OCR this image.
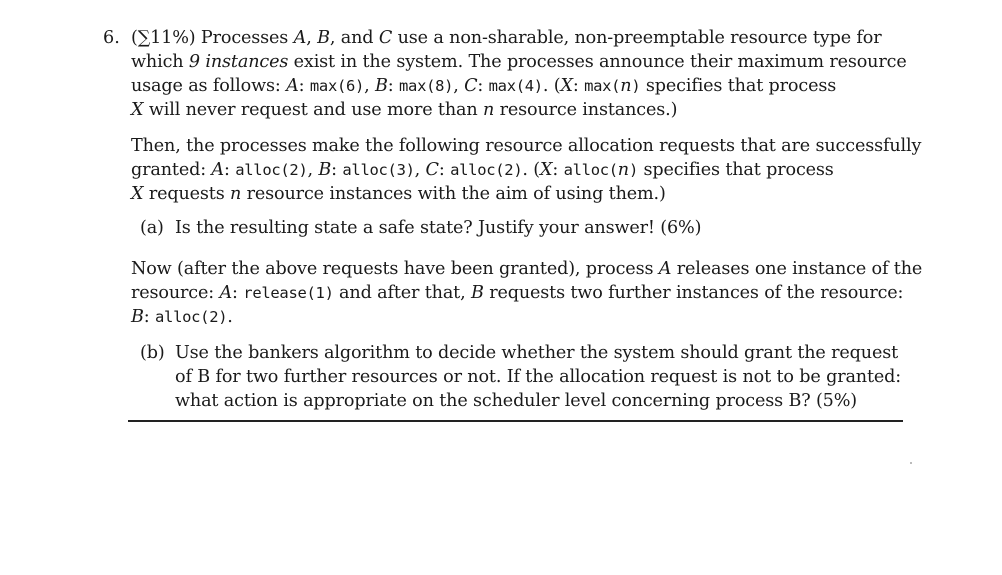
6. (∑11%) Processes A, B, and C use a non-sharable, non-preemptable resource type for
which 9 instances exist in the system. The processes announce their maximum resource
usage as follows: A: max(6), B: max(8), C: max(4). (X: max(n) specifies that process
X will never request and use more than n resource instances.)
Then, the processes make the following resource allocation requests that are successfully
granted: A: alloc(2), B: alloc(3), C: alloc(2). (X: alloc(n) specifies that process
X requests n resource instances with the aim of using them.)
(a) Is the resulting state a safe state? Justify your answer! (6%)
Now (after the above requests have been granted), process A releases one instance of the
resource: A: release(1) and after that, B requests two further instances of the resource:
B: alloc(2).
(b) Use the bankers algorithm to decide whether the system should grant the request
of B for two further resources or not. If the allocation request is not to be granted:
what action is appropriate on the scheduler level concerning process B? (5%)
